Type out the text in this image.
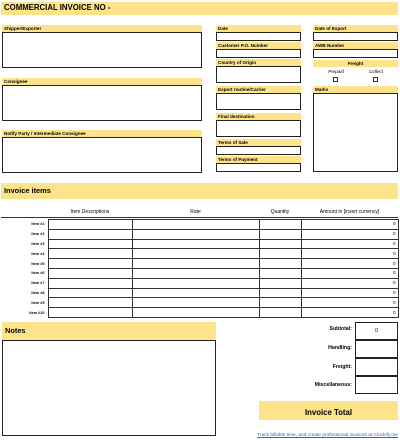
COMMERCIAL INVOICE NO -
Shipper/Exporter
Consignee
Notify Party / Intermediate Consignee
Date
Customer P.O. Number
Country of Origin
Export routine/Carrier
Final destination
Terms of Sale
Terms of Payment
Date of Export
AWB Number
Freight
Prepaid	Collect
Marks
Invoice items
Item Descriptions	Rate	Quantity	Amount in [insert currency]
Item #1				0
Item #2				0
Item #3				0
Item #4				0
Item #5				0
Item #6				0
Item #7				0
Item #8				0
Item #9				0
Item #10				0
Notes	Subtotal:	0
Handling:
Freight:
Miscellaneous:
Invoice Total
Track billable time, and create professional invoices at Clockify.me
